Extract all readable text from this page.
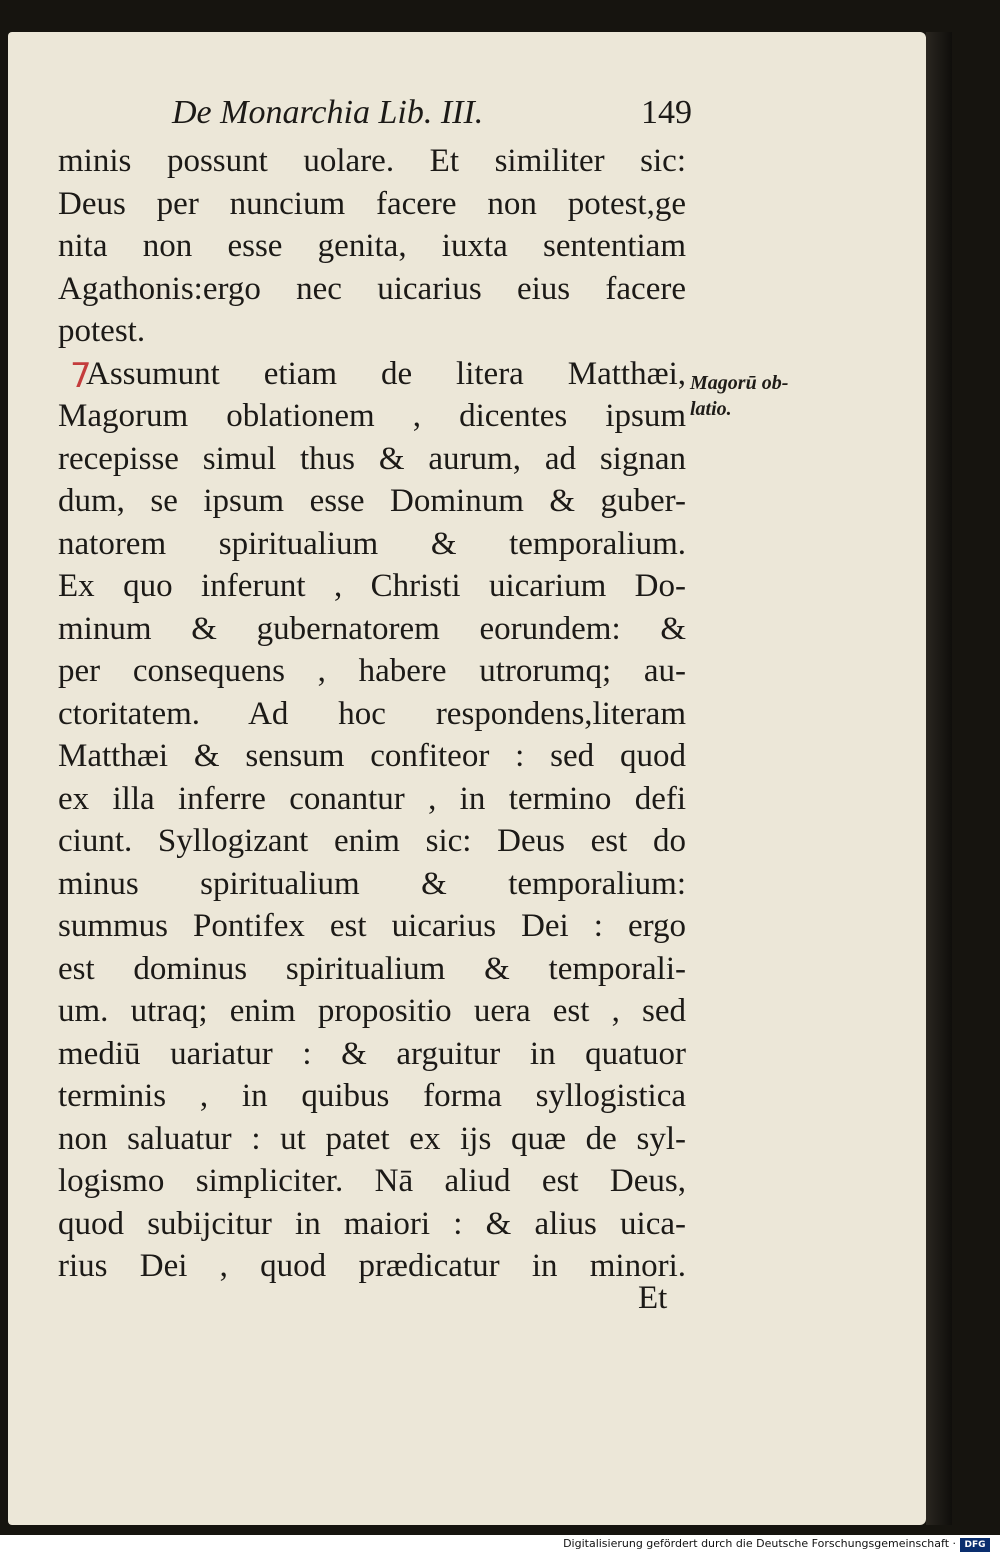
De Monarchia Lib. III.	149
7
minis possunt uolare. Et similiter sic:
Deus per nuncium facere non potest,ge
nita non esse genita, iuxta sententiam
Agathonis:ergo nec uicarius eius facere
potest.
Assumunt etiam de litera Matthæi,
Magorum oblationem , dicentes ipsum
recepisse simul thus & aurum, ad signan
dum, se ipsum esse Dominum & guber-
natorem spiritualium & temporalium.
Ex quo inferunt , Christi uicarium Do-
minum & gubernatorem eorundem: &
per consequens , habere utrorumq; au-
ctoritatem. Ad hoc respondens,literam
Matthæi & sensum confiteor : sed quod
ex illa inferre conantur , in termino defi
ciunt. Syllogizant enim sic: Deus est do
minus spiritualium & temporalium:
summus Pontifex est uicarius Dei : ergo
est dominus spiritualium & temporali-
um. utraq; enim propositio uera est , sed
mediū uariatur : & arguitur in quatuor
terminis , in quibus forma syllogistica
non saluatur : ut patet ex ijs quæ de syl-
logismo simpliciter. Nā aliud est Deus,
quod subijcitur in maiori : & alius uica-
rius Dei , quod prædicatur in minori.
Magorū ob-
latio.
Et
Digitalisierung gefördert durch die Deutsche Forschungsgemeinschaft · DFG
